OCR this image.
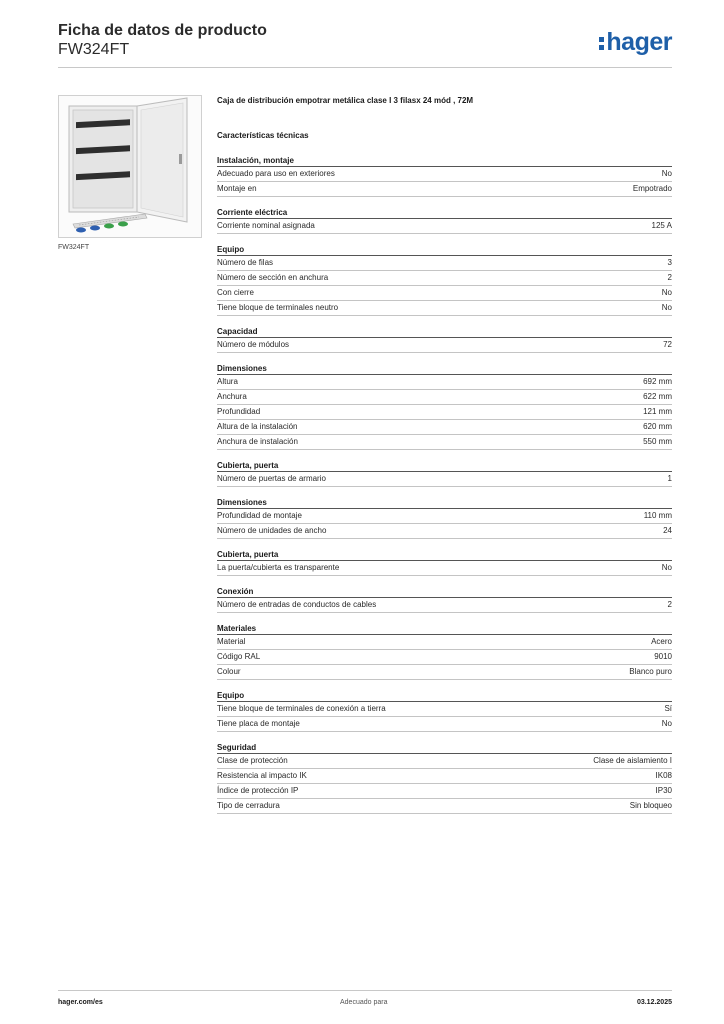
Ficha de datos de producto
FW324FT	hager
FW324FT
Caja de distribución empotrar metálica clase I 3 filasx 24 mód , 72M
Características técnicas
Instalación, montaje
Adecuado para uso en exteriores	No
Montaje en	Empotrado
Corriente eléctrica
Corriente nominal asignada	125 A
Equipo
Número de filas	3
Número de sección en anchura	2
Con cierre	No
Tiene bloque de terminales neutro	No
Capacidad
Número de módulos	72
Dimensiones
Altura	692 mm
Anchura	622 mm
Profundidad	121 mm
Altura de la instalación	620 mm
Anchura de instalación	550 mm
Cubierta, puerta
Número de puertas de armario	1
Dimensiones
Profundidad de montaje	110 mm
Número de unidades de ancho	24
Cubierta, puerta
La puerta/cubierta es transparente	No
Conexión
Número de entradas de conductos de cables	2
Materiales
Material	Acero
Código RAL	9010
Colour	Blanco puro
Equipo
Tiene bloque de terminales de conexión a tierra	Sí
Tiene placa de montaje	No
Seguridad
Clase de protección	Clase de aislamiento I
Resistencia al impacto IK	IK08
Índice de protección IP	IP30
Tipo de cerradura	Sin bloqueo
hager.com/es	Adecuado para	03.12.2025
